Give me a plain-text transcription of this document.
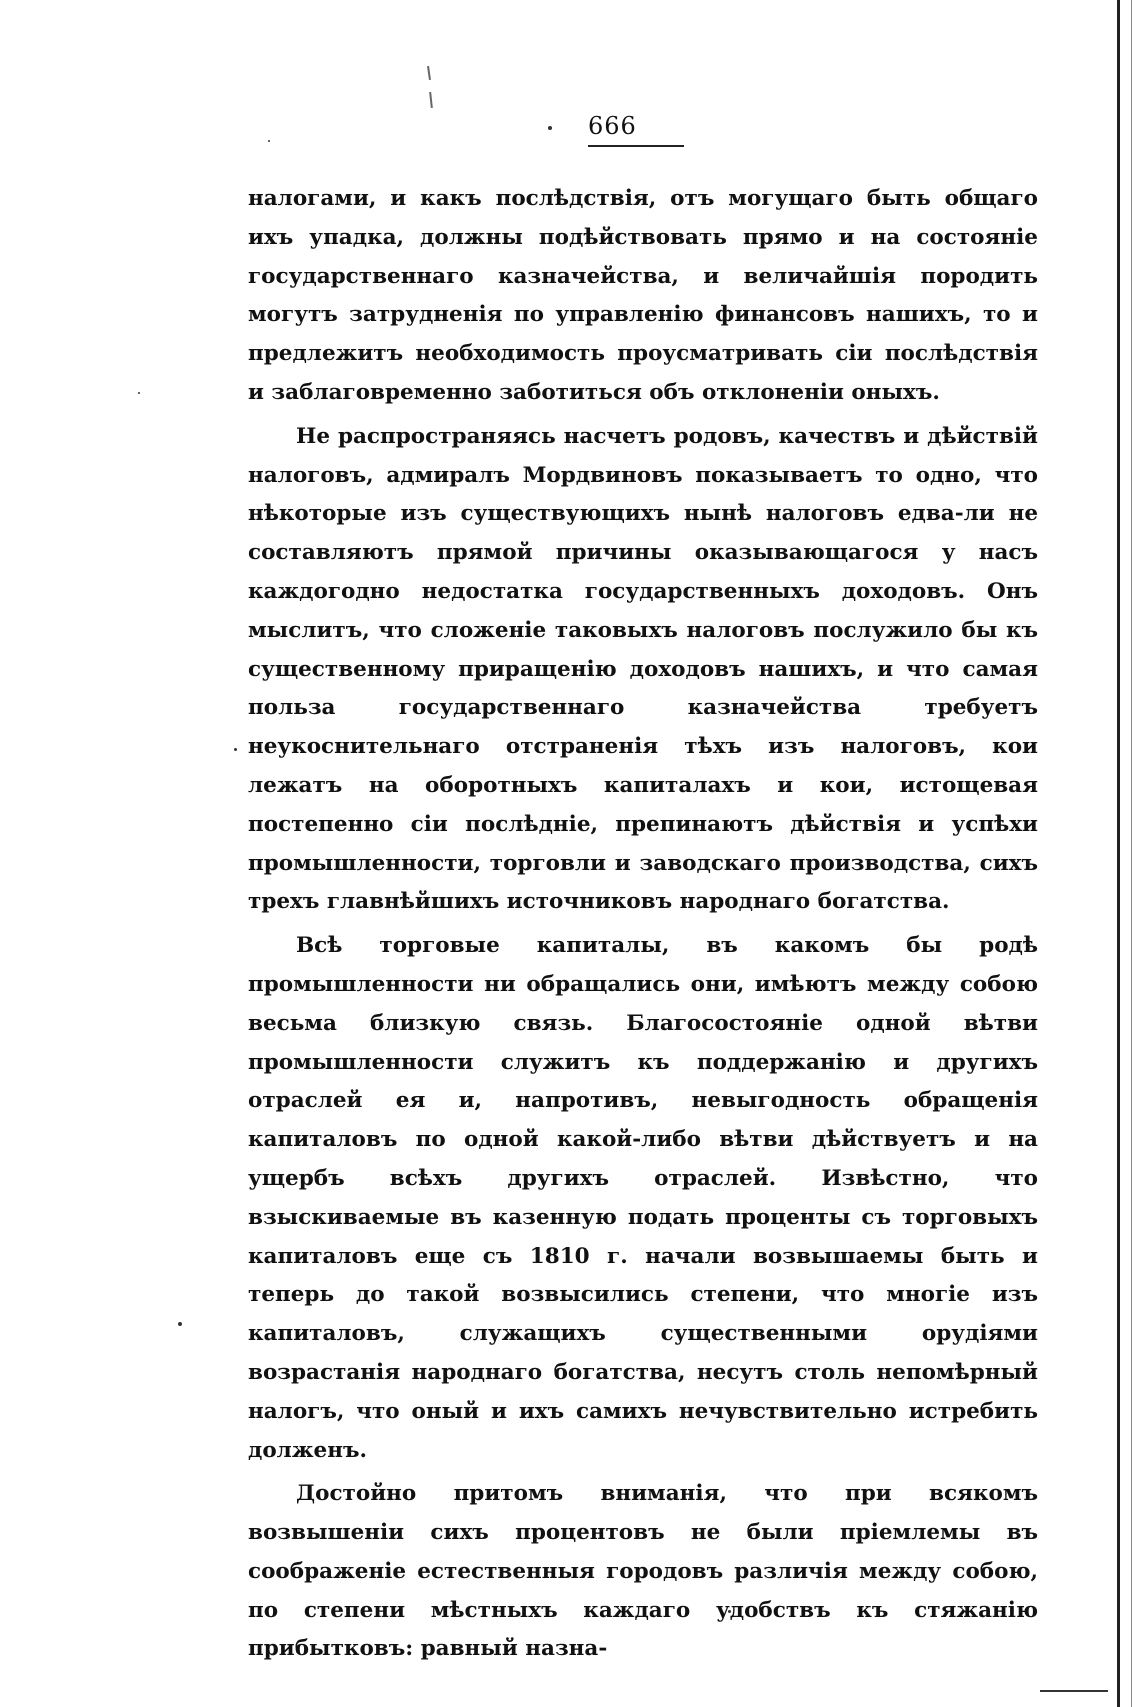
666

налогами, и какъ послѣдствія, отъ могущаго быть общаго ихъ упадка, должны подѣйствовать прямо и на состояніе государственнаго казначейства, и величайшія породить могутъ затрудненія по управленію финансовъ нашихъ, то и предлежитъ необходимость проусматривать сіи послѣдствія и заблаговременно заботиться объ отклоненіи оныхъ.

Не распространяясь насчетъ родовъ, качествъ и дѣйствій налоговъ, адмиралъ Мордвиновъ показываетъ то одно, что нѣкоторые изъ существующихъ нынѣ налоговъ едва-ли не составляютъ прямой причины оказывающагося у насъ каждогодно недостатка государственныхъ доходовъ. Онъ мыслитъ, что сложеніе таковыхъ налоговъ послужило бы къ существенному приращенію доходовъ нашихъ, и что самая польза государственнаго казначейства требуетъ неукоснительнаго отстраненія тѣхъ изъ налоговъ, кои лежатъ на оборотныхъ капиталахъ и кои, истощевая постепенно сіи послѣдніе, препинаютъ дѣйствія и успѣхи промышленности, торговли и заводскаго производства, сихъ трехъ главнѣйшихъ источниковъ народнаго богатства.

Всѣ торговые капиталы, въ какомъ бы родѣ промышленности ни обращались они, имѣютъ между собою весьма близкую связь. Благосостояніе одной вѣтви промышленности служитъ къ поддержанію и другихъ отраслей ея и, напротивъ, невыгодность обращенія капиталовъ по одной какой-либо вѣтви дѣйствуетъ и на ущербъ всѣхъ другихъ отраслей. Извѣстно, что взыскиваемые въ казенную подать проценты съ торговыхъ капиталовъ еще съ 1810 г. начали возвышаемы быть и теперь до такой возвысились степени, что многіе изъ капиталовъ, служащихъ существенными орудіями возрастанія народнаго богатства, несутъ столь непомѣрный налогъ, что оный и ихъ самихъ нечувствительно истребить долженъ.

Достойно притомъ вниманія, что при всякомъ возвышеніи сихъ процентовъ не были пріемлемы въ соображеніе естественныя городовъ различія между собою, по степени мѣстныхъ каждаго удобствъ къ стяжанію прибытковъ: равный назна-
